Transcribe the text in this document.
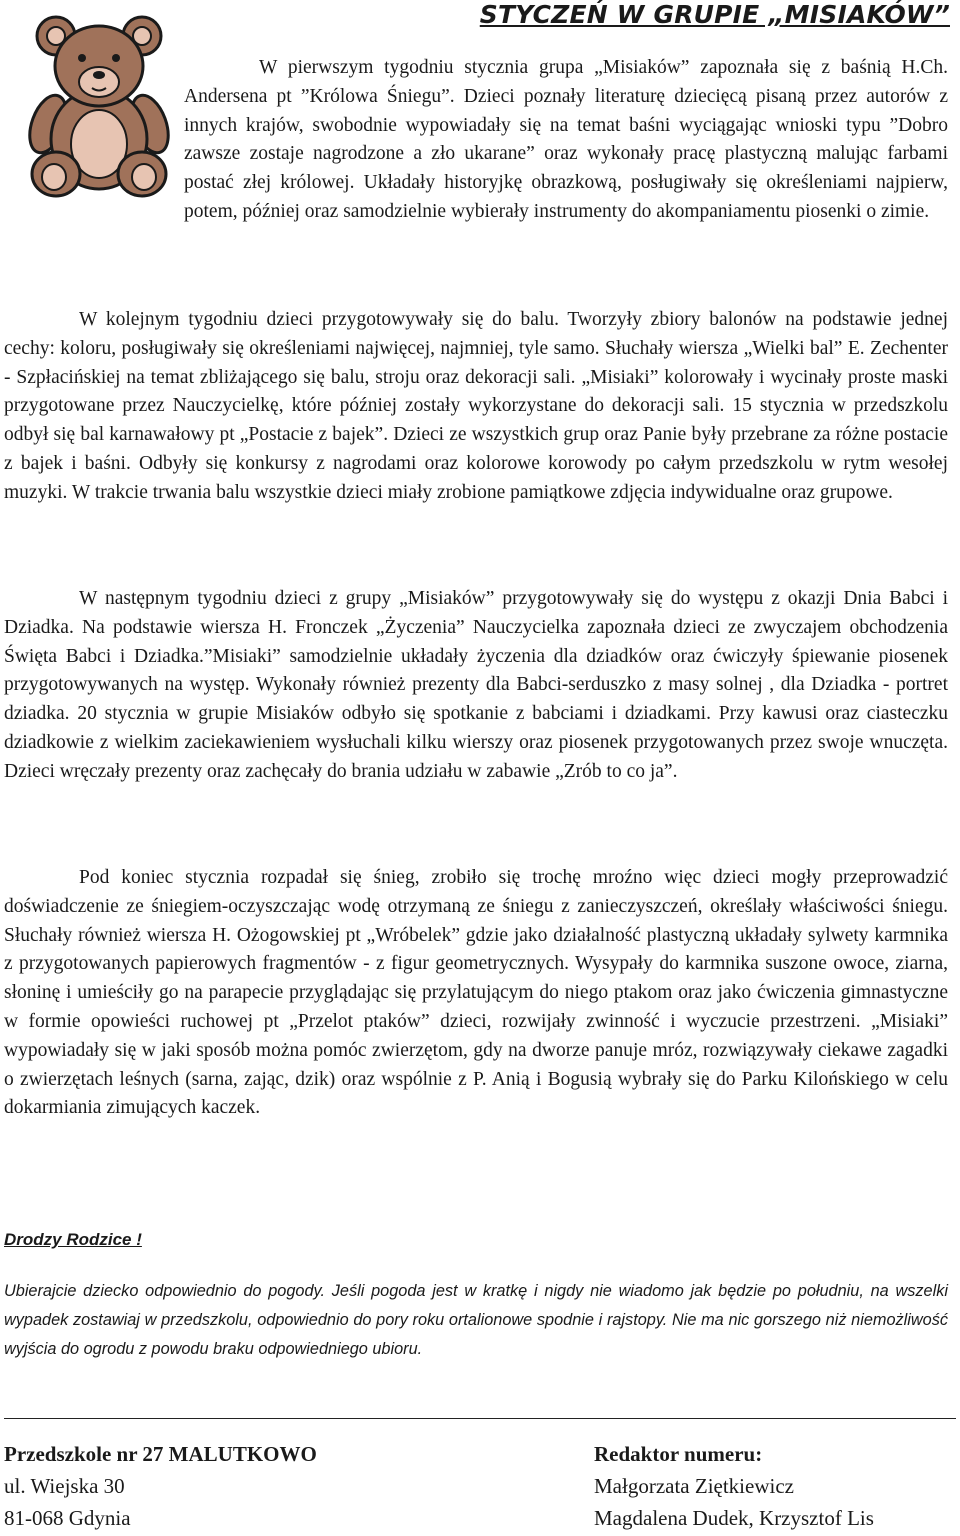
STYCZEŃ W GRUPIE „MISIAKÓW”

W pierwszym tygodniu stycznia grupa „Misiaków” zapoznała się z baśnią H.Ch. Andersena pt ”Królowa Śniegu”. Dzieci poznały literaturę dziecięcą pisaną przez autorów z innych krajów, swobodnie wypowiadały się na temat baśni wyciągając wnioski typu ”Dobro zawsze zostaje nagrodzone a zło ukarane” oraz wykonały pracę plastyczną malując farbami postać złej królowej. Układały historyjkę obrazkową, posługiwały się określeniami najpierw, potem, później oraz samodzielnie wybierały instrumenty do akompaniamentu piosenki o zimie.

W kolejnym tygodniu dzieci przygotowywały się do balu. Tworzyły zbiory balonów na podstawie jednej cechy: koloru, posługiwały się określeniami najwięcej, najmniej, tyle samo. Słuchały wiersza „Wielki bal” E. Zechenter - Szpłacińskiej na temat zbliżającego się balu, stroju oraz dekoracji sali. „Misiaki” kolorowały i wycinały proste maski przygotowane przez Nauczycielkę, które później zostały wykorzystane do dekoracji sali. 15 stycznia w przedszkolu odbył się bal karnawałowy pt „Postacie z bajek”. Dzieci ze wszystkich grup oraz Panie były przebrane za różne postacie z bajek i baśni. Odbyły się konkursy z nagrodami oraz kolorowe korowody po całym przedszkolu w rytm wesołej muzyki. W trakcie trwania balu wszystkie dzieci miały zrobione pamiątkowe zdjęcia indywidualne oraz grupowe.

W następnym tygodniu dzieci z grupy „Misiaków” przygotowywały się do występu z okazji Dnia Babci i Dziadka. Na podstawie wiersza H. Fronczek „Życzenia” Nauczycielka zapoznała dzieci ze zwyczajem obchodzenia Święta Babci i Dziadka.”Misiaki” samodzielnie układały życzenia dla dziadków oraz ćwiczyły śpiewanie piosenek przygotowywanych na występ. Wykonały również prezenty dla Babci-serduszko z masy solnej , dla Dziadka - portret dziadka. 20 stycznia w grupie Misiaków odbyło się spotkanie z babciami i dziadkami. Przy kawusi oraz ciasteczku dziadkowie z wielkim zaciekawieniem wysłuchali kilku wierszy oraz piosenek przygotowanych przez swoje wnuczęta. Dzieci wręczały prezenty oraz zachęcały do brania udziału w zabawie „Zrób to co ja”.

Pod koniec stycznia rozpadał się śnieg, zrobiło się trochę mroźno więc dzieci mogły przeprowadzić doświadczenie ze śniegiem-oczyszczając wodę otrzymaną ze śniegu z zanieczyszczeń, określały właściwości śniegu. Słuchały również wiersza H. Ożogowskiej pt „Wróbelek” gdzie jako działalność plastyczną układały sylwety karmnika z przygotowanych papierowych fragmentów - z figur geometrycznych. Wysypały do karmnika suszone owoce, ziarna, słoninę i umieściły go na parapecie przyglądając się przylatującym do niego ptakom oraz jako ćwiczenia gimnastyczne w formie opowieści ruchowej pt „Przelot ptaków” dzieci, rozwijały zwinność i wyczucie przestrzeni. „Misiaki” wypowiadały się w jaki sposób można pomóc zwierzętom, gdy na dworze panuje mróz, rozwiązywały ciekawe zagadki o zwierzętach leśnych (sarna, zając, dzik) oraz wspólnie z P. Anią i Bogusią wybrały się do Parku Kilońskiego w celu dokarmiania zimujących kaczek.

Drodzy Rodzice !

Ubierajcie dziecko odpowiednio do pogody. Jeśli pogoda jest w kratkę i nigdy nie wiadomo jak będzie po południu, na wszelki wypadek zostawiaj w przedszkolu, odpowiednio do pory roku ortalionowe spodnie i rajstopy. Nie ma nic gorszego niż niemożliwość wyjścia do ogrodu z powodu braku odpowiedniego ubioru.

Przedszkole nr 27 MALUTKOWO
ul. Wiejska 30
81-068 Gdynia
Redaktor numeru:
Małgorzata Ziętkiewicz
Magdalena Dudek, Krzysztof Lis
